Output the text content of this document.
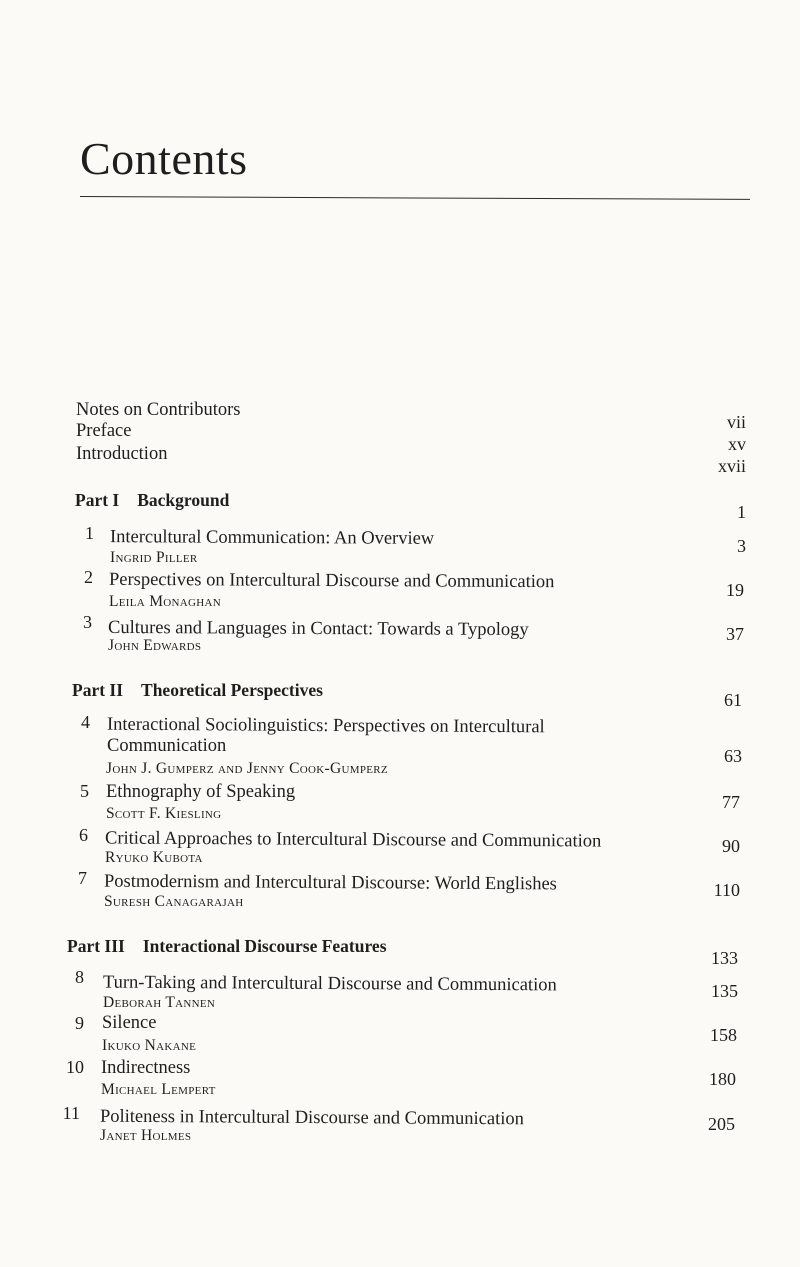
Contents
Notes on Contributors
Preface
Introduction
vii
xv
xvii
Part I Background
1
1 Intercultural Communication: An Overview
Ingrid Piller
3
2 Perspectives on Intercultural Discourse and Communication
Leila Monaghan
19
3 Cultures and Languages in Contact: Towards a Typology
John Edwards
37
Part II Theoretical Perspectives	61
4 Interactional Sociolinguistics: Perspectives on Intercultural
Communication
John J. Gumperz and Jenny Cook-Gumperz
63
5 Ethnography of Speaking
Scott F. Kiesling
77
6 Critical Approaches to Intercultural Discourse and Communication
Ryuko Kubota
90
7 Postmodernism and Intercultural Discourse: World Englishes
Suresh Canagarajah
110
Part III Interactional Discourse Features
133
8 Turn-Taking and Intercultural Discourse and Communication
Deborah Tannen
135
9 Silence
Ikuko Nakane
158
10 Indirectness
Michael Lempert
180
11 Politeness in Intercultural Discourse and Communication
Janet Holmes
205
